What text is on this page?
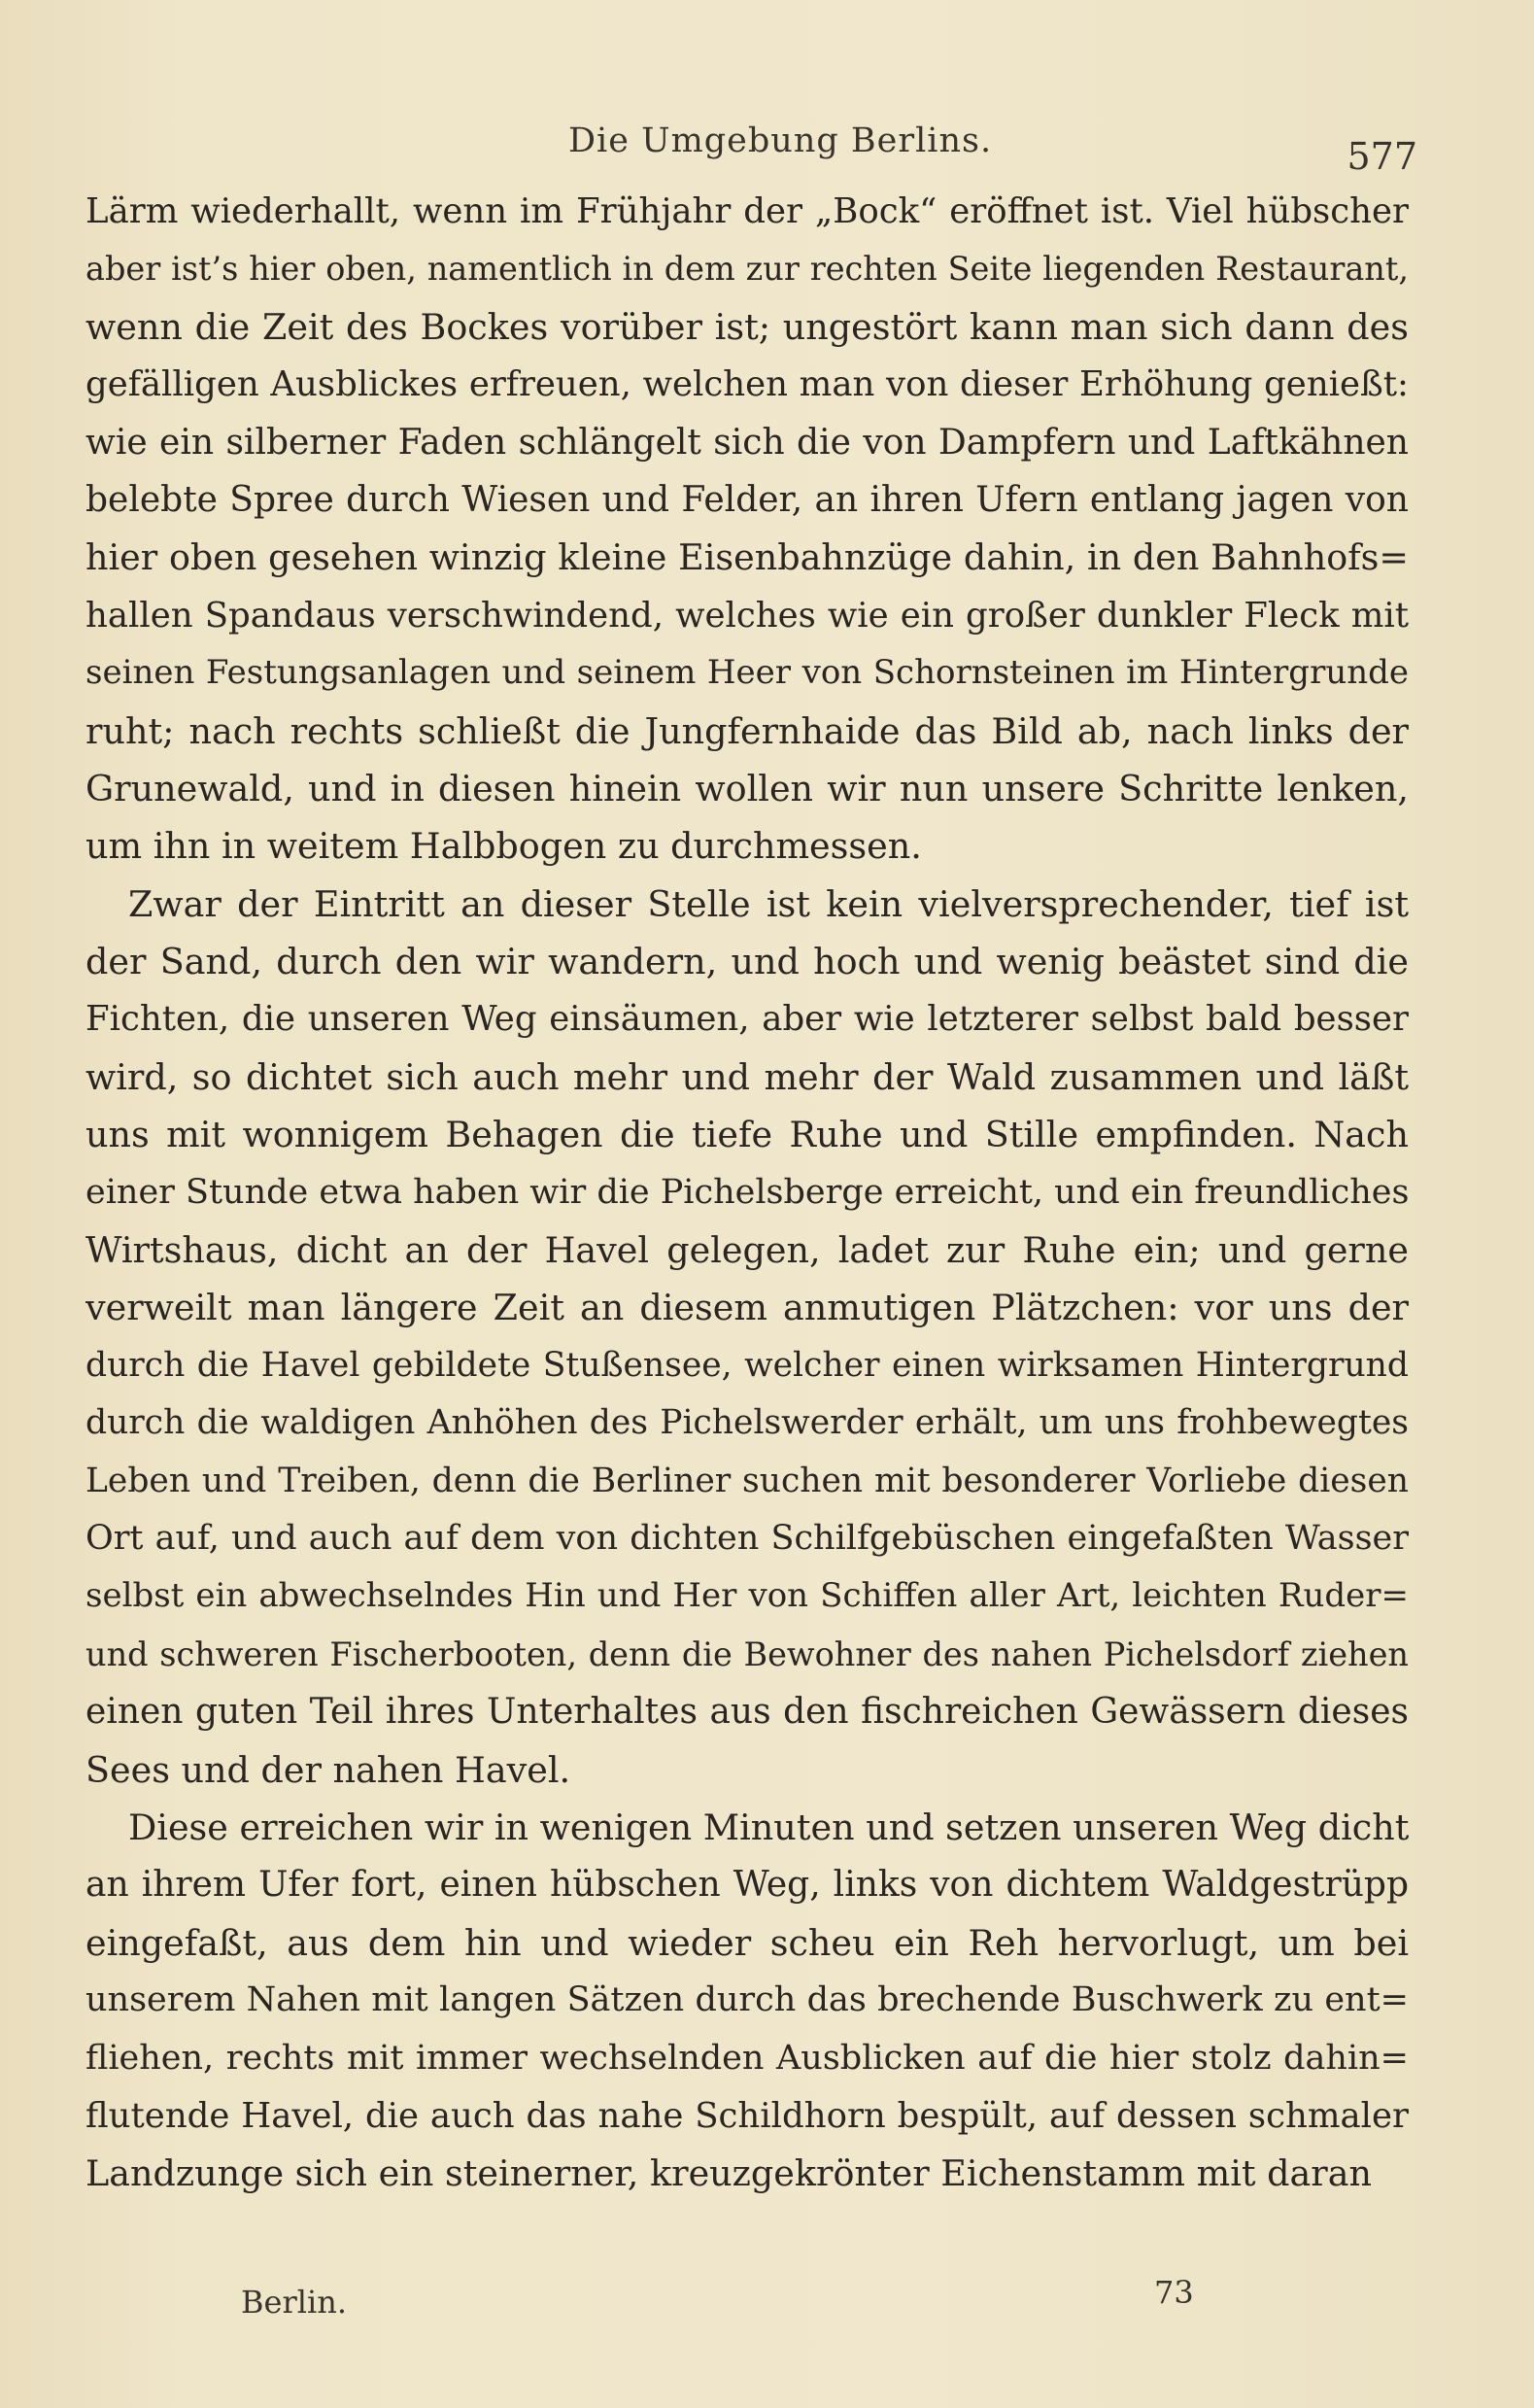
Die Umgebung Berlins.	577
Lärm wiederhallt, wenn im Frühjahr der „Bock“ eröffnet ist. Viel hübscher
aber ist’s hier oben, namentlich in dem zur rechten Seite liegenden Restaurant,
wenn die Zeit des Bockes vorüber ist; ungestört kann man sich dann des
gefälligen Ausblickes erfreuen, welchen man von dieser Erhöhung genießt:
wie ein silberner Faden schlängelt sich die von Dampfern und Laftkähnen
belebte Spree durch Wiesen und Felder, an ihren Ufern entlang jagen von
hier oben gesehen winzig kleine Eisenbahnzüge dahin, in den Bahnhofs=
hallen Spandaus verschwindend, welches wie ein großer dunkler Fleck mit
seinen Festungsanlagen und seinem Heer von Schornsteinen im Hintergrunde
ruht; nach rechts schließt die Jungfernhaide das Bild ab, nach links der
Grunewald, und in diesen hinein wollen wir nun unsere Schritte lenken,
um ihn in weitem Halbbogen zu durchmessen.
Zwar der Eintritt an dieser Stelle ist kein vielversprechender, tief ist
der Sand, durch den wir wandern, und hoch und wenig beästet sind die
Fichten, die unseren Weg einsäumen, aber wie letzterer selbst bald besser
wird, so dichtet sich auch mehr und mehr der Wald zusammen und läßt
uns mit wonnigem Behagen die tiefe Ruhe und Stille empfinden. Nach
einer Stunde etwa haben wir die Pichelsberge erreicht, und ein freundliches
Wirtshaus, dicht an der Havel gelegen, ladet zur Ruhe ein; und gerne
verweilt man längere Zeit an diesem anmutigen Plätzchen: vor uns der
durch die Havel gebildete Stußensee, welcher einen wirksamen Hintergrund
durch die waldigen Anhöhen des Pichelswerder erhält, um uns frohbewegtes
Leben und Treiben, denn die Berliner suchen mit besonderer Vorliebe diesen
Ort auf, und auch auf dem von dichten Schilfgebüschen eingefaßten Wasser
selbst ein abwechselndes Hin und Her von Schiffen aller Art, leichten Ruder=
und schweren Fischerbooten, denn die Bewohner des nahen Pichelsdorf ziehen
einen guten Teil ihres Unterhaltes aus den fischreichen Gewässern dieses
Sees und der nahen Havel.
Diese erreichen wir in wenigen Minuten und setzen unseren Weg dicht
an ihrem Ufer fort, einen hübschen Weg, links von dichtem Waldgestrüpp
eingefaßt, aus dem hin und wieder scheu ein Reh hervorlugt, um bei
unserem Nahen mit langen Sätzen durch das brechende Buschwerk zu ent=
fliehen, rechts mit immer wechselnden Ausblicken auf die hier stolz dahin=
flutende Havel, die auch das nahe Schildhorn bespült, auf dessen schmaler
Landzunge sich ein steinerner, kreuzgekrönter Eichenstamm mit daran
Berlin.	73
